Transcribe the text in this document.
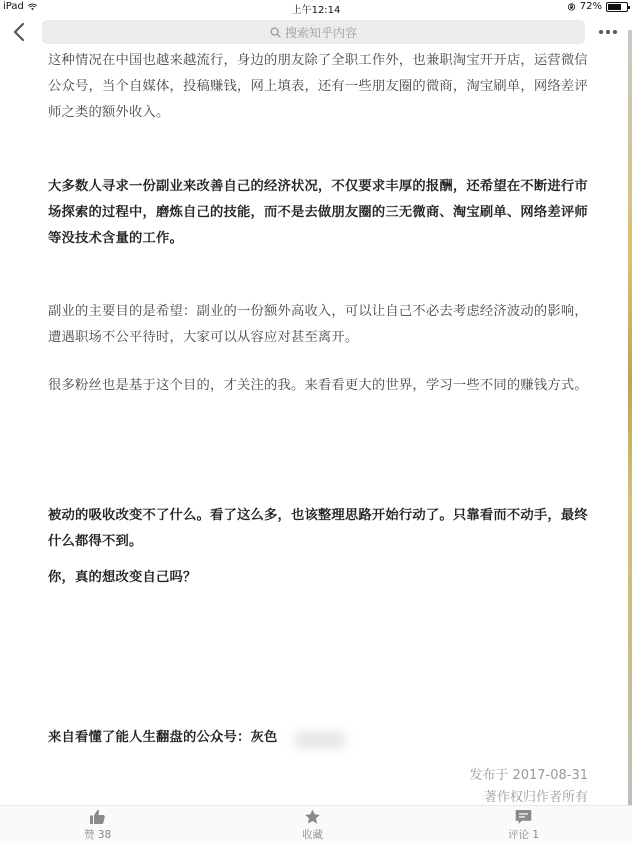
iPad	上午12:14	72%
搜索知乎内容

这种情况在中国也越来越流行，身边的朋友除了全职工作外，也兼职淘宝开开店，运营微信公众号，当个自媒体，投稿赚钱，网上填表，还有一些朋友圈的微商，淘宝刷单，网络差评师之类的额外收入。

大多数人寻求一份副业来改善自己的经济状况，不仅要求丰厚的报酬，还希望在不断进行市场探索的过程中，磨炼自己的技能，而不是去做朋友圈的三无微商、淘宝刷单、网络差评师等没技术含量的工作。

副业的主要目的是希望：副业的一份额外高收入，可以让自己不必去考虑经济波动的影响，遭遇职场不公平待时，大家可以从容应对甚至离开。

很多粉丝也是基于这个目的，才关注的我。来看看更大的世界，学习一些不同的赚钱方式。

被动的吸收改变不了什么。看了这么多，也该整理思路开始行动了。只靠看而不动手，最终什么都得不到。

你，真的想改变自己吗？

来自看懂了能人生翻盘的公众号：灰色

发布于 2017-08-31
著作权归作者所有
赞 38	收藏	评论 1
